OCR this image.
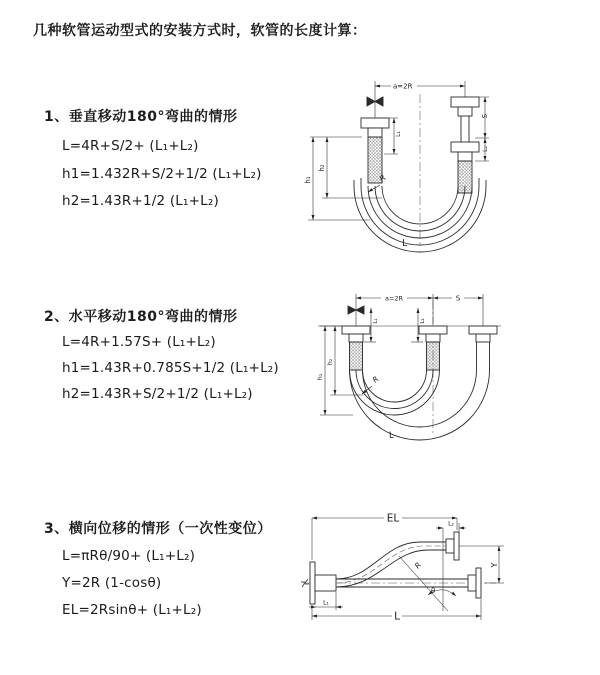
几种软管运动型式的安装方式时，软管的长度计算：
1、垂直移动180°弯曲的情形
L=4R+S/2+ (L₁+L₂)
h1=1.432R+S/2+1/2 (L₁+L₂)
h2=1.43R+1/2 (L₁+L₂)
2、水平移动180°弯曲的情形
L=4R+1.57S+ (L₁+L₂)
h1=1.43R+0.785S+1/2 (L₁+L₂)
h2=1.43R+S/2+1/2 (L₁+L₂)
3、横向位移的情形（一次性变位）
L=πRθ/90+ (L₁+L₂)
Y=2R (1-cosθ)
EL=2Rsinθ+ (L₁+L₂)
a=2R
S
L₂
L₁
h₂
h₁	R
L
a=2R	S
L₁	L₂
h₂
h₁	R
L
EL	L₂
Y
R
θ
L₁
L
